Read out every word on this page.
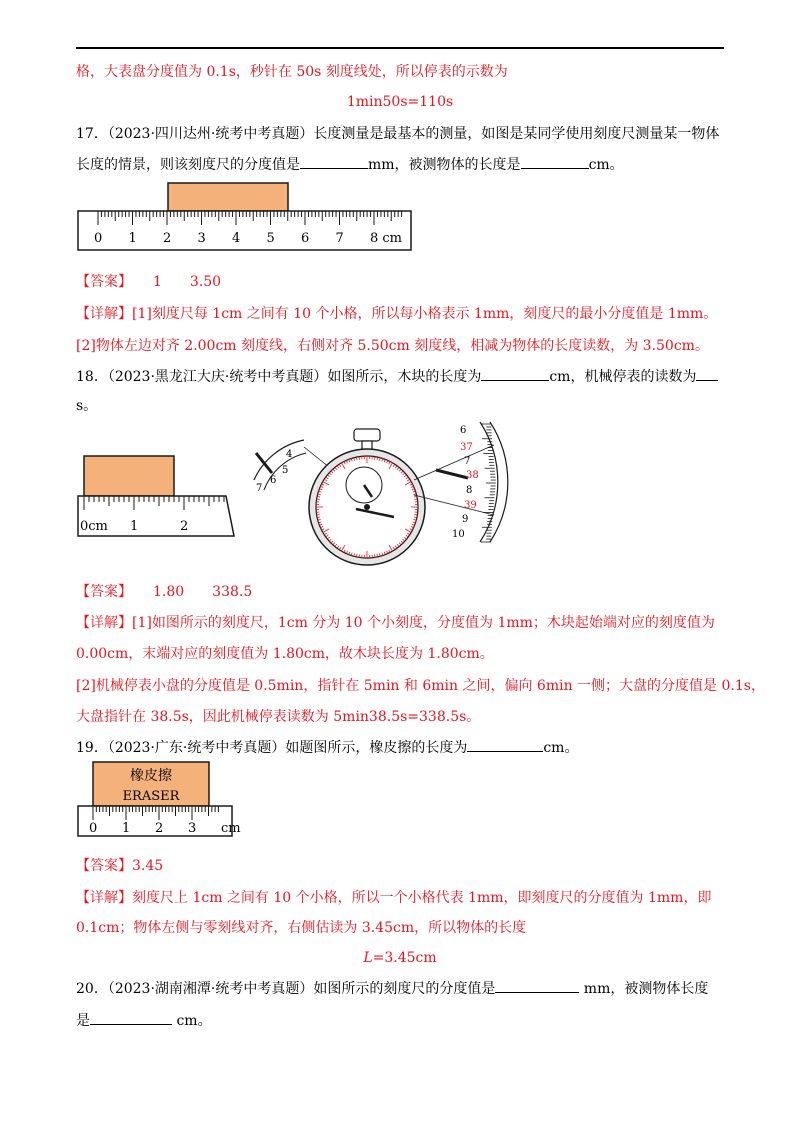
格，大表盘分度值为 0.1s，秒针在 50s 刻度线处，所以停表的示数为
1min50s=110s
17．（2023·四川达州·统考中考真题）长度测量是最基本的测量，如图是某同学使用刻度尺测量某一物体
长度的情景，则该刻度尺的分度值是	mm，被测物体的长度是	cm。
0 1 2 3 4 5 6 7 8 cm
【答案】　　1　　3.50
【详解】[1]刻度尺每 1cm 之间有 10 个小格，所以每小格表示 1mm，刻度尺的最小分度值是 1mm。
[2]物体左边对齐 2.00cm 刻度线，右侧对齐 5.50cm 刻度线，相减为物体的长度读数，为 3.50cm。
18．（2023·黑龙江大庆·统考中考真题）如图所示，木块的长度为	cm，机械停表的读数为
s。
0cm 1	2
4
5
6
7
6
37
7
38
8
39
9
10
【答案】　　1.80　　338.5
【详解】[1]如图所示的刻度尺，1cm 分为 10 个小刻度，分度值为 1mm；木块起始端对应的刻度值为
0.00cm，末端对应的刻度值为 1.80cm，故木块长度为 1.80cm。
[2]机械停表小盘的分度值是 0.5min，指针在 5min 和 6min 之间，偏向 6min 一侧；大盘的分度值是 0.1s，
大盘指针在 38.5s，因此机械停表读数为 5min38.5s=338.5s。
19．（2023·广东·统考中考真题）如题图所示，橡皮擦的长度为	cm。
橡皮擦
ERASER
0 1 2 3 cm
【答案】3.45
【详解】刻度尺上 1cm 之间有 10 个小格，所以一个小格代表 1mm，即刻度尺的分度值为 1mm，即
0.1cm；物体左侧与零刻线对齐，右侧估读为 3.45cm，所以物体的长度
L=3.45cm
20．（2023·湖南湘潭·统考中考真题）如图所示的刻度尺的分度值是	mm，被测物体长度
是	cm。
